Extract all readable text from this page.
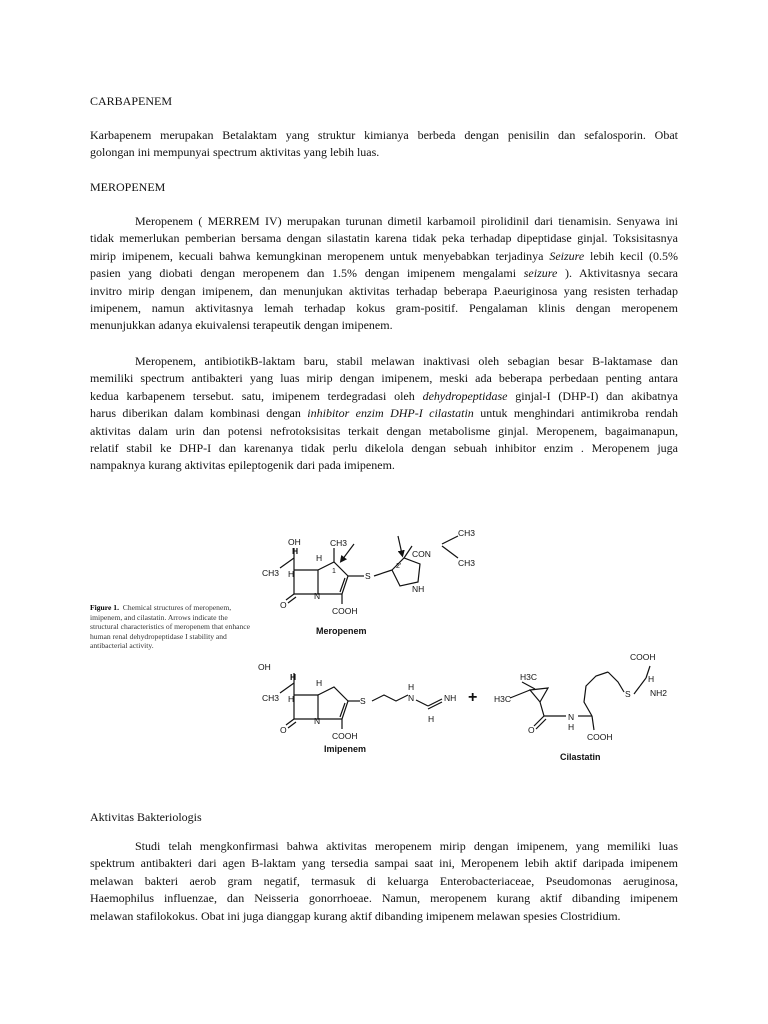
CARBAPENEM
Karbapenem merupakan Betalaktam yang struktur kimianya berbeda dengan penisilin dan sefalosporin. Obat
golongan ini mempunyai spectrum aktivitas yang lebih luas.
MEROPENEM
Meropenem ( MERREM IV) merupakan turunan dimetil karbamoil pirolidinil dari tienamisin. Senyawa ini
tidak memerlukan pemberian bersama dengan silastatin karena tidak peka terhadap dipeptidase ginjal. Toksisitasnya
mirip imipenem, kecuali bahwa kemungkinan meropenem untuk menyebabkan terjadinya Seizure lebih kecil (0.5%
pasien yang diobati dengan meropenem dan 1.5% dengan imipenem mengalami seizure ). Aktivitasnya secara
invitro mirip dengan imipenem, dan menunjukan aktivitas terhadap beberapa P.aeuriginosa yang resisten terhadap
imipenem, namun aktivitasnya lemah terhadap kokus gram-positif. Pengalaman klinis dengan meropenem
menunjukkan adanya ekuivalensi terapeutik dengan imipenem.
Meropenem, antibiotikB-laktam baru, stabil melawan inaktivasi oleh sebagian besar B-laktamase dan
memiliki spectrum antibakteri yang luas mirip dengan imipenem, meski ada beberapa perbedaan penting antara
kedua karbapenem tersebut. satu, imipenem terdegradasi oleh dehydropeptidase ginjal-I (DHP-I) dan akibatnya
harus diberikan dalam kombinasi dengan inhibitor enzim DHP-I cilastatin untuk menghindari antimikroba rendah
aktivitas dalam urin dan potensi nefrotoksisitas terkait dengan metabolisme ginjal. Meropenem, bagaimanapun,
relatif stabil ke DHP-I dan karenanya tidak perlu dikelola dengan sebuah inhibitor enzim . Meropenem juga
nampaknya kurang aktivitas epileptogenik dari pada imipenem.
Figure 1. Chemical structures of meropenem, imipenem, and cilastatin. Arrows indicate the structural characteristics of meropenem that enhance human renal dehydropeptidase I stability and antibacterial activity.
OH
H
CH3 H
H
CH3
1
O
N
COOH
S
CON
2'
NH
CH3
CH3
Meropenem
OH
H
CH3 H
H
O
N
COOH
S
H
N	NH
H
Imipenem
+
H3C
H3C
O
N
H
COOH
S
H
NH2
COOH
Cilastatin
Aktivitas Bakteriologis
Studi telah mengkonfirmasi bahwa aktivitas meropenem mirip dengan imipenem, yang memiliki luas
spektrum antibakteri dari agen B-laktam yang tersedia sampai saat ini, Meropenem lebih aktif daripada imipenem
melawan bakteri aerob gram negatif, termasuk di keluarga Enterobacteriaceae, Pseudomonas aeruginosa,
Haemophilus influenzae, dan Neisseria gonorrhoeae. Namun, meropenem kurang aktif dibanding imipenem
melawan stafilokokus. Obat ini juga dianggap kurang aktif dibanding imipenem melawan spesies Clostridium.
